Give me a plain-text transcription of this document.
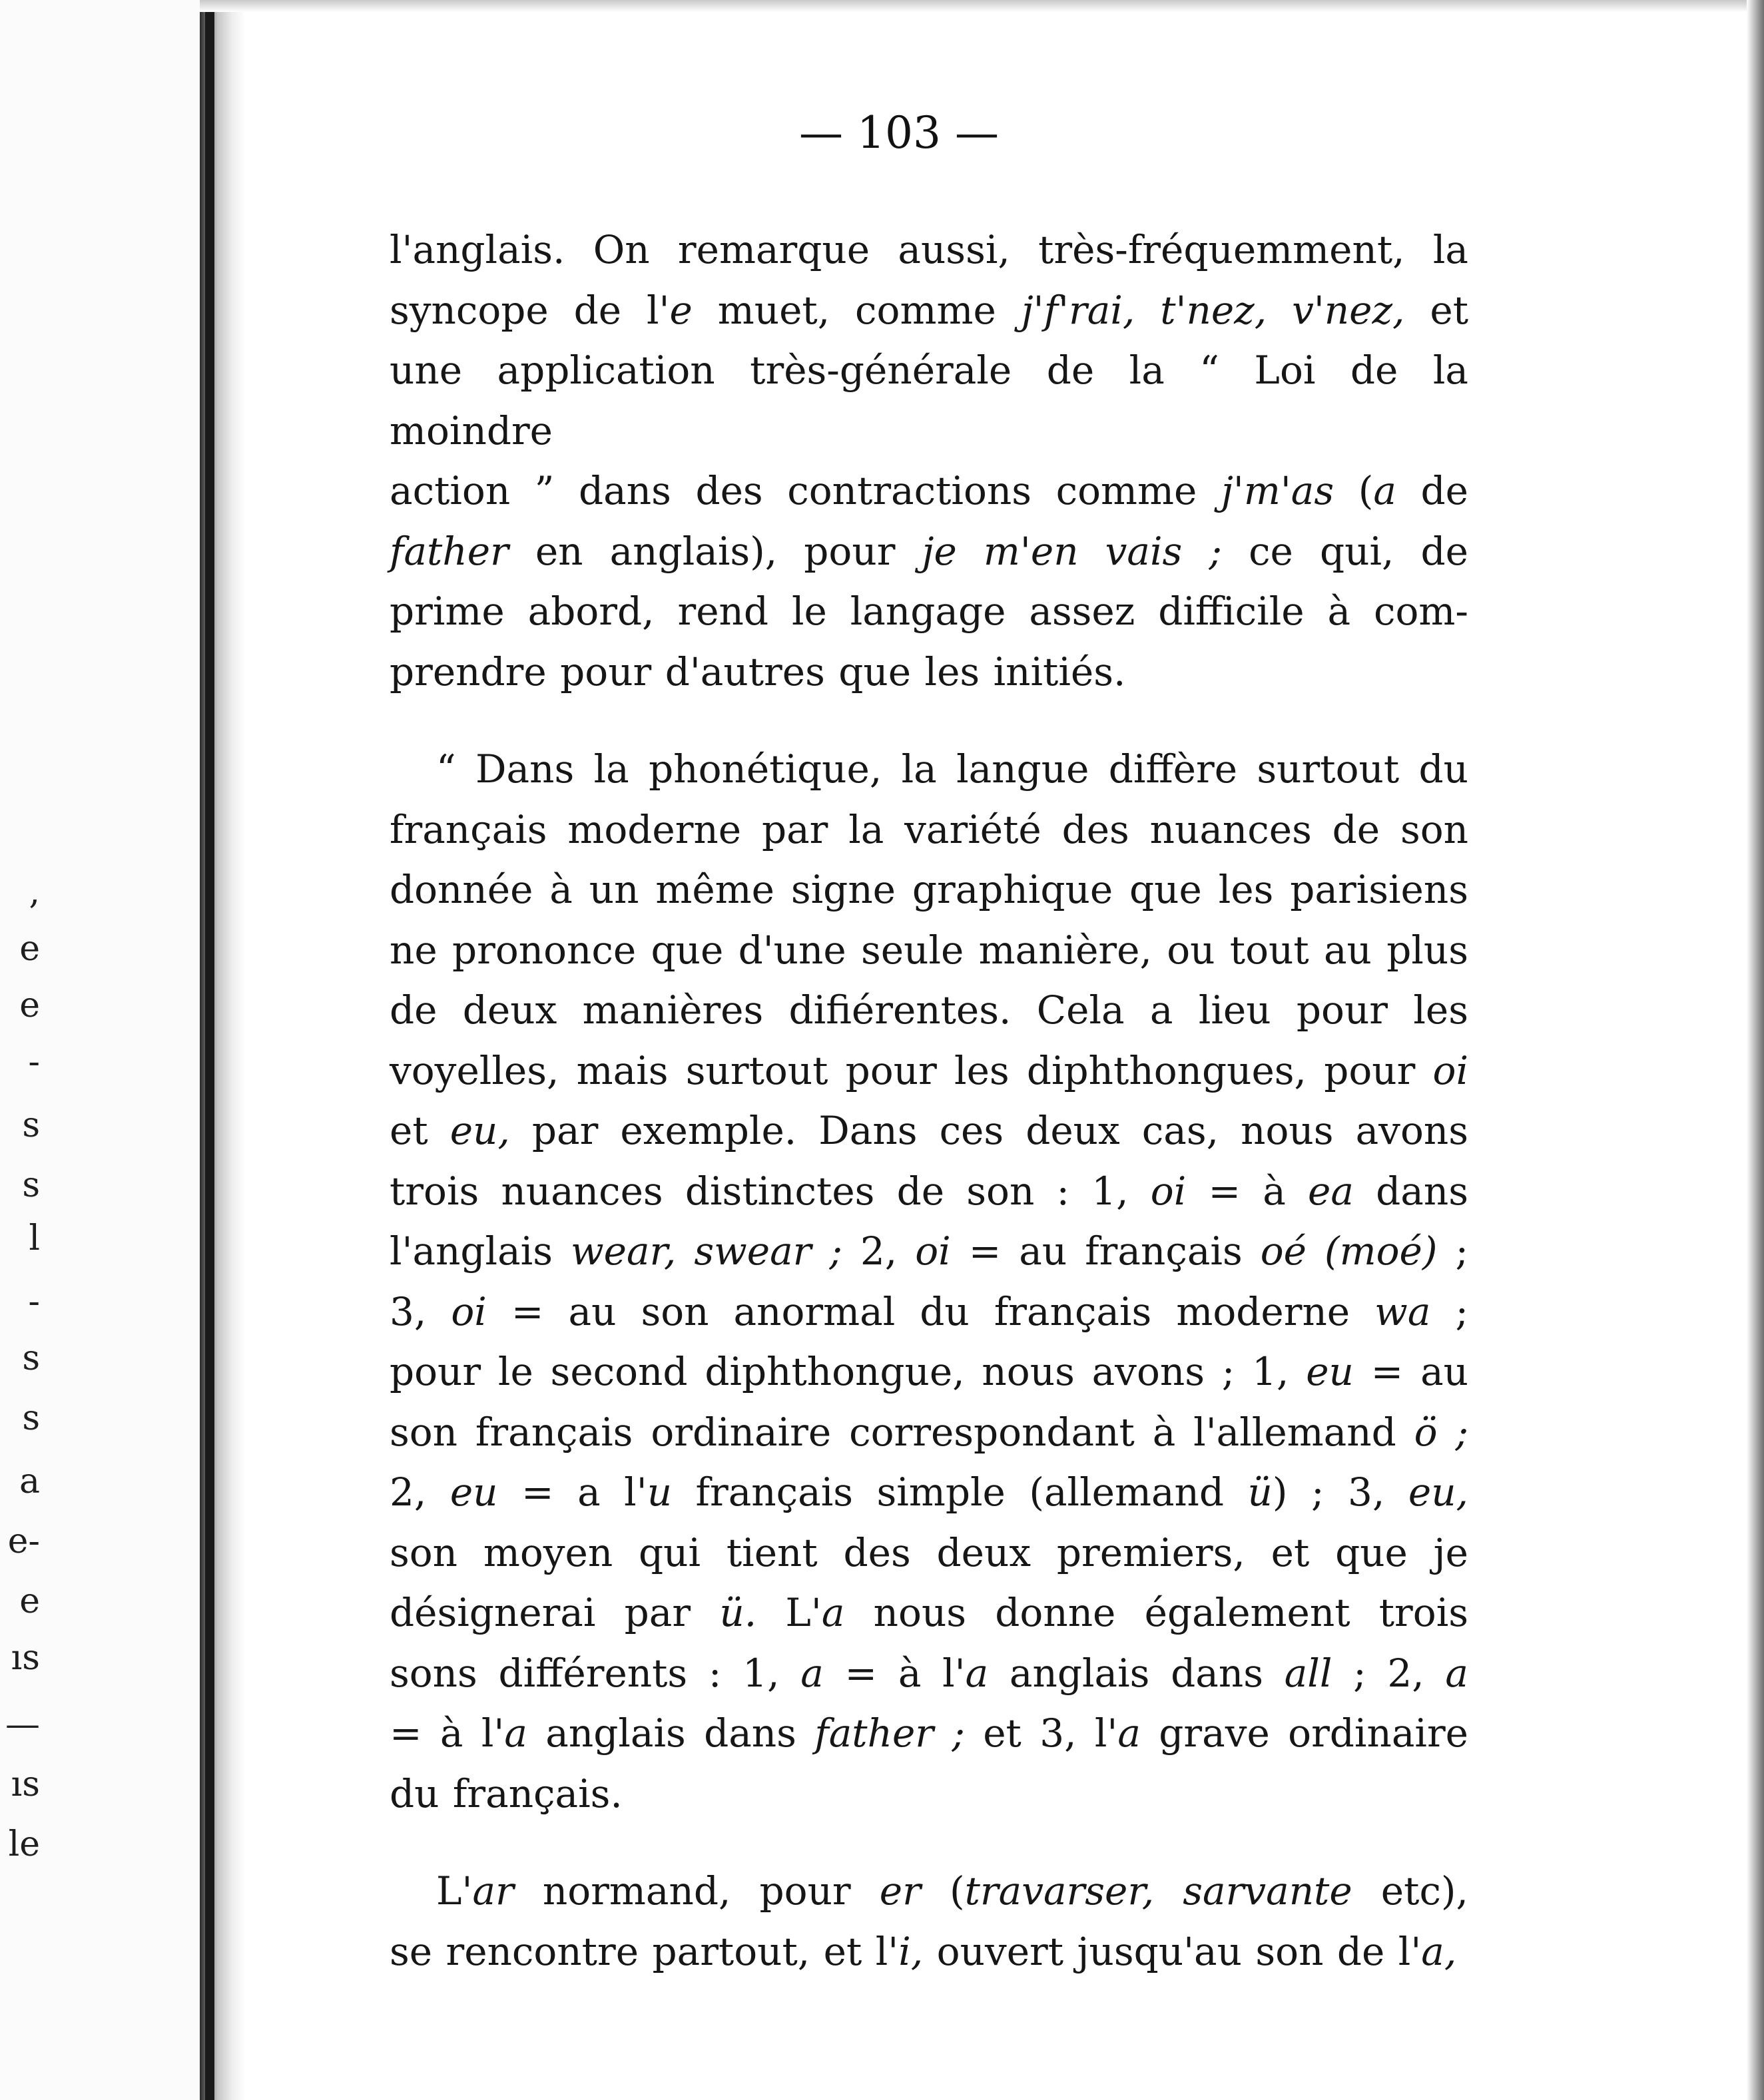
,
e
e
-
s
s
l
-
s
s
a
e-
e
ıs
—
ıs
le
— 103 —

l'anglais. On remarque aussi, très-fréquemment, la

syncope de l'e muet, comme j'f'rai, t'nez, v'nez, et

une application très-générale de la “ Loi de la moindre

action ” dans des contractions comme j'm'as (a de

father en anglais), pour je m'en vais ; ce qui, de

prime abord, rend le langage assez difficile à com-

prendre pour d'autres que les initiés.

“ Dans la phonétique, la langue diffère surtout du

français moderne par la variété des nuances de son

donnée à un même signe graphique que les parisiens

ne prononce que d'une seule manière, ou tout au plus

de deux manières diﬁérentes. Cela a lieu pour les

voyelles, mais surtout pour les diphthongues, pour oi

et eu, par exemple. Dans ces deux cas, nous avons

trois nuances distinctes de son : 1, oi = à ea dans

l'anglais wear, swear ; 2, oi = au français oé (moé) ;

3, oi = au son anormal du français moderne wa ;

pour le second diphthongue, nous avons ; 1, eu = au

son français ordinaire correspondant à l'allemand ö ;

2, eu = a l'u français simple (allemand ü) ; 3, eu,

son moyen qui tient des deux premiers, et que je

désignerai par ü. L'a nous donne également trois

sons différents : 1, a = à l'a anglais dans all ; 2, a

= à l'a anglais dans father ; et 3, l'a grave ordinaire

du français.

L'ar normand, pour er (travarser, sarvante etc),

se rencontre partout, et l'i, ouvert jusqu'au son de l'a,
